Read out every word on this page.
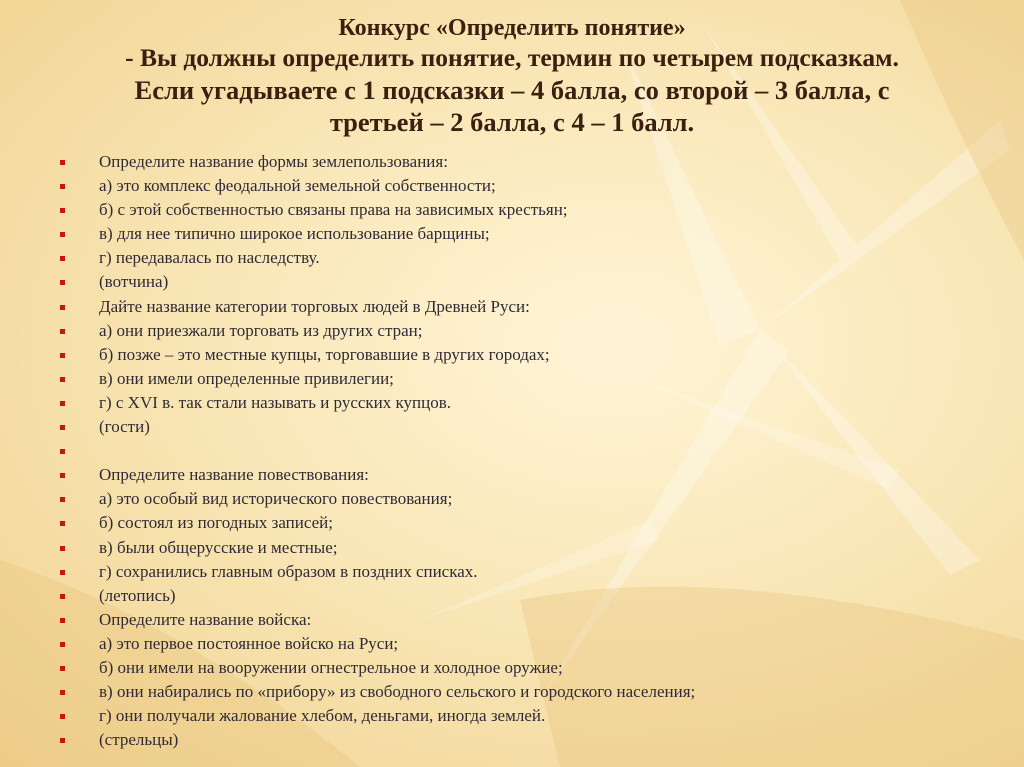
Конкурс «Определить понятие»
- Вы должны определить понятие, термин по четырем подсказкам.
Если угадываете с 1 подсказки – 4 балла, со второй – 3 балла, с
третьей – 2 балла, с 4 – 1 балл.
Определите название формы землепользования:
а) это комплекс феодальной земельной собственности;
б) с этой собственностью связаны права на зависимых крестьян;
в) для нее типично широкое использование барщины;
г) передавалась по наследству.
(вотчина)
Дайте название категории торговых людей в Древней Руси:
а) они приезжали торговать из других стран;
б) позже – это местные купцы, торговавшие в других городах;
в) они имели определенные привилегии;
г) с XVI в. так стали называть и русских купцов.
(гости)
Определите название повествования:
а) это особый вид исторического повествования;
б) состоял из погодных записей;
в) были общерусские и местные;
г) сохранились главным образом в поздних списках.
(летопись)
Определите название войска:
а) это первое постоянное войско на Руси;
б) они имели на вооружении огнестрельное и холодное оружие;
в) они набирались по «прибору» из свободного сельского и городского населения;
г) они получали жалование хлебом, деньгами, иногда землей.
(стрельцы)
